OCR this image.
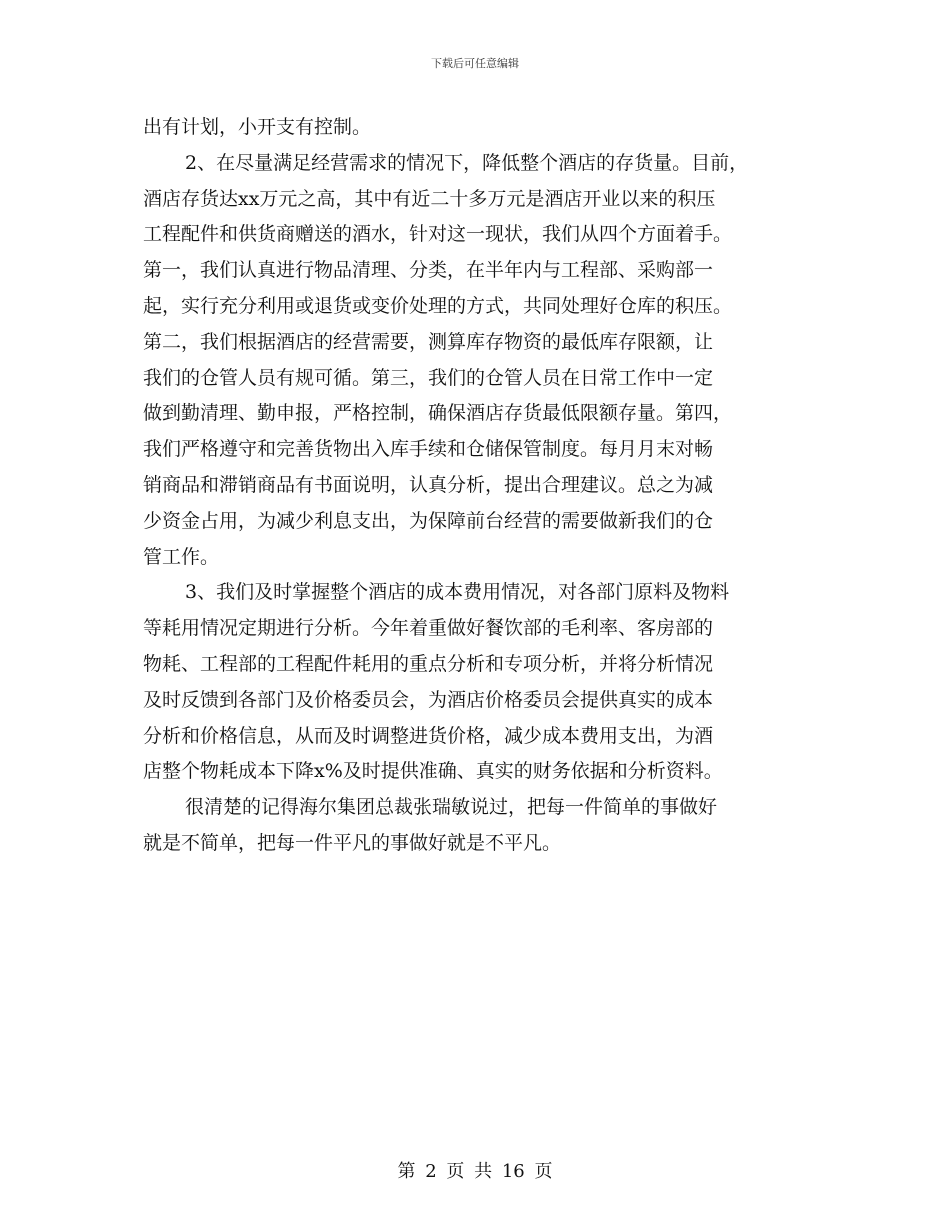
下载后可任意编辑
出有计划，小开支有控制。
2、在尽量满足经营需求的情况下，降低整个酒店的存货量。目前，
酒店存货达xx万元之高，其中有近二十多万元是酒店开业以来的积压
工程配件和供货商赠送的酒水，针对这一现状，我们从四个方面着手。
第一，我们认真进行物品清理、分类，在半年内与工程部、采购部一
起，实行充分利用或退货或变价处理的方式，共同处理好仓库的积压。
第二，我们根据酒店的经营需要，测算库存物资的最低库存限额，让
我们的仓管人员有规可循。第三，我们的仓管人员在日常工作中一定
做到勤清理、勤申报，严格控制，确保酒店存货最低限额存量。第四，
我们严格遵守和完善货物出入库手续和仓储保管制度。每月月末对畅
销商品和滞销商品有书面说明，认真分析，提出合理建议。总之为减
少资金占用，为减少利息支出，为保障前台经营的需要做新我们的仓
管工作。
3、我们及时掌握整个酒店的成本费用情况，对各部门原料及物料
等耗用情况定期进行分析。今年着重做好餐饮部的毛利率、客房部的
物耗、工程部的工程配件耗用的重点分析和专项分析，并将分析情况
及时反馈到各部门及价格委员会，为酒店价格委员会提供真实的成本
分析和价格信息，从而及时调整进货价格，减少成本费用支出，为酒
店整个物耗成本下降x%及时提供准确、真实的财务依据和分析资料。
很清楚的记得海尔集团总裁张瑞敏说过，把每一件简单的事做好
就是不简单，把每一件平凡的事做好就是不平凡。
第 2 页 共 16 页
